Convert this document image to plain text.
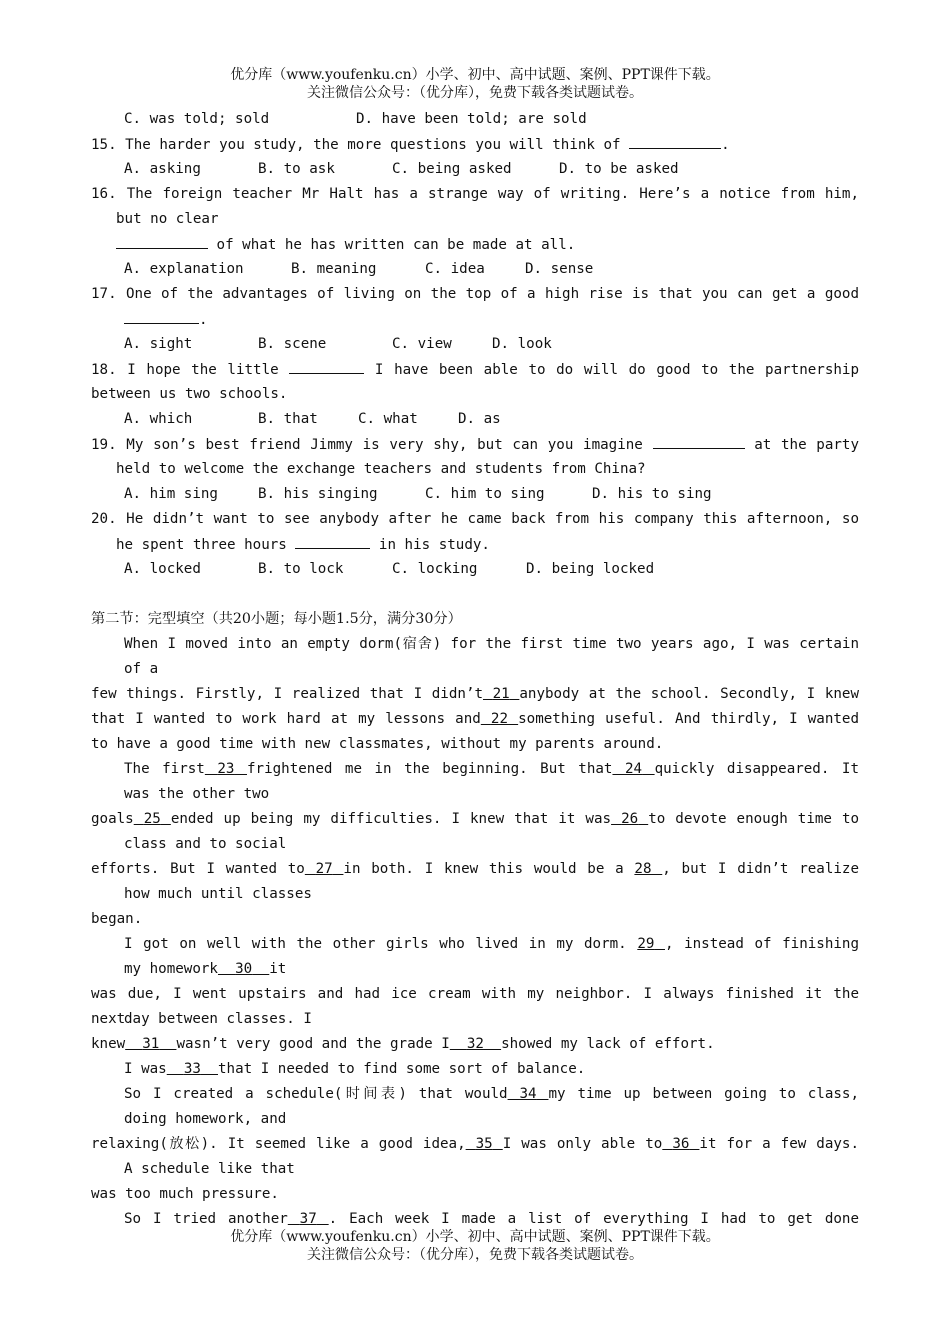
优分库（www.youfenku.cn）小学、初中、高中试题、案例、PPT课件下载。
关注微信公众号：（优分库），免费下载各类试题试卷。
C. was told; sold	D. have been told; are sold
15. The harder you study, the more questions you will think of	.
A. asking	B. to ask	C. being asked	D. to be asked
16. The foreign teacher Mr Halt has a strange way of writing. Here’s a notice from him,
but no clear
of what he has written can be made at all.
A. explanation	B. meaning	C. idea	D. sense
17. One of the advantages of living on the top of a high rise is that you can get a good
.
A. sight	B. scene	C. view	D. look
18. I hope the little	I have been able to do will do good to the partnership
between us two schools.
A. which	B. that	C. what	D. as
19. My son’s best friend Jimmy is very shy, but can you imagine	at the party
held to welcome the exchange teachers and students from China?
A. him sing	B. his singing	C. him to sing	D. his to sing
20. He didn’t want to see anybody after he came back from his company this afternoon, so
he spent three hours	in his study.
A. locked	B. to lock	C. locking	D. being locked
第二节：完型填空（共20小题；每小题1.5分，满分30分）
When I moved into an empty dorm(宿舍) for the first time two years ago, I was certain
of a
few things. Firstly, I realized that I didn’t 21 anybody at the school. Secondly, I knew
that I wanted to work hard at my lessons and 22 something useful. And thirdly, I wanted
to have a good time with new classmates, without my parents around.
The first 23 frightened me in the beginning. But that 24 quickly disappeared. It
was the other two
goals 25 ended up being my difficulties. I knew that it was 26 to devote enough time to
class and to social
efforts. But I wanted to 27 in both. I knew this would be a 28 , but I didn’t realize
how much until classes
began.
I got on well with the other girls who lived in my dorm. 29 , instead of finishing
my homework 30 it
was due, I went upstairs and had ice cream with my neighbor. I always finished it the next
day between classes. I
knew 31 wasn’t very good and the grade I 32 showed my lack of effort.
I was 33 that I needed to find some sort of balance.
So I created a schedule(时间表) that would 34 my time up between going to class,
doing homework, and
relaxing(放松). It seemed like a good idea, 35 I was only able to 36 it for a few days.
A schedule like that
was too much pressure.
So I tried another 37 . Each week I made a list of everything I had to get done
优分库（www.youfenku.cn）小学、初中、高中试题、案例、PPT课件下载。
关注微信公众号：（优分库），免费下载各类试题试卷。
